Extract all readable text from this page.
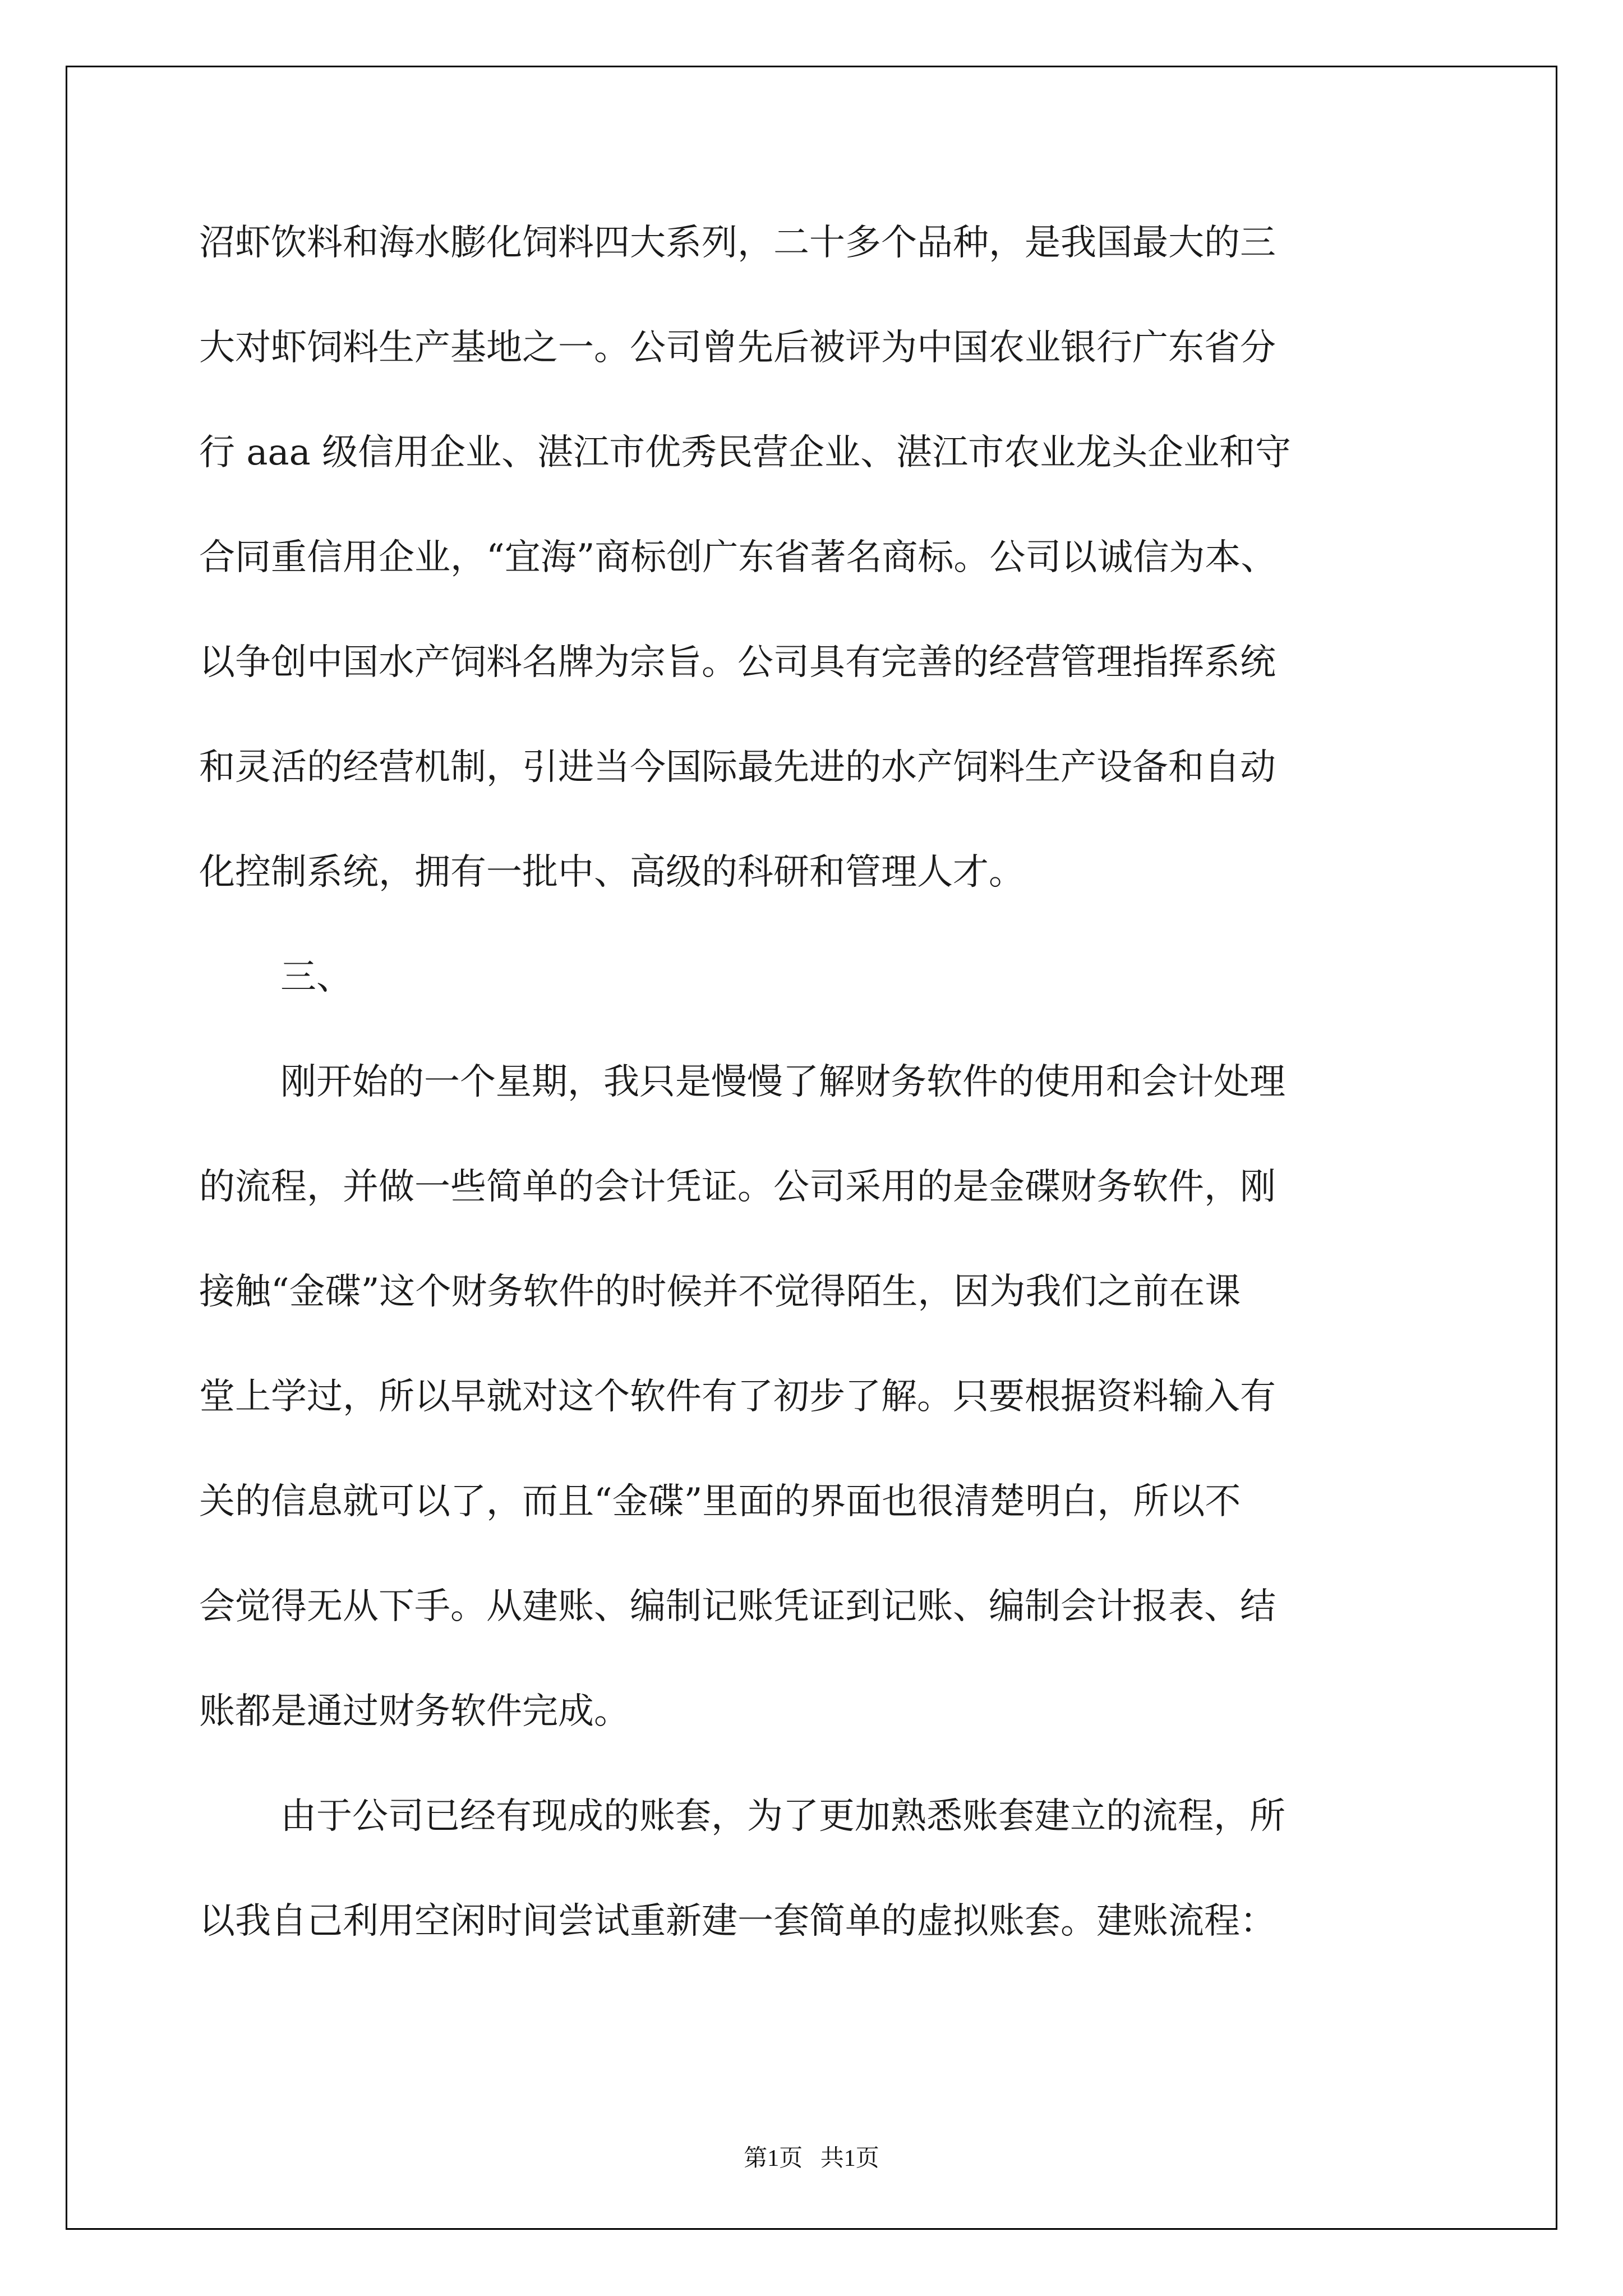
沼虾饮料和海水膨化饲料四大系列，二十多个品种，是我国最大的三

大对虾饲料生产基地之一。公司曾先后被评为中国农业银行广东省分

行 aaa 级信用企业、湛江市优秀民营企业、湛江市农业龙头企业和守

合同重信用企业，“宜海”商标创广东省著名商标。公司以诚信为本、

以争创中国水产饲料名牌为宗旨。公司具有完善的经营管理指挥系统

和灵活的经营机制，引进当今国际最先进的水产饲料生产设备和自动

化控制系统，拥有一批中、高级的科研和管理人才。

三、

刚开始的一个星期，我只是慢慢了解财务软件的使用和会计处理

的流程，并做一些简单的会计凭证。公司采用的是金碟财务软件，刚

接触“金碟”这个财务软件的时候并不觉得陌生，因为我们之前在课

堂上学过，所以早就对这个软件有了初步了解。只要根据资料输入有

关的信息就可以了，而且“金碟”里面的界面也很清楚明白，所以不

会觉得无从下手。从建账、编制记账凭证到记账、编制会计报表、结

账都是通过财务软件完成。

由于公司已经有现成的账套，为了更加熟悉账套建立的流程，所

以我自己利用空闲时间尝试重新建一套简单的虚拟账套。建账流程：

第1页 共1页
